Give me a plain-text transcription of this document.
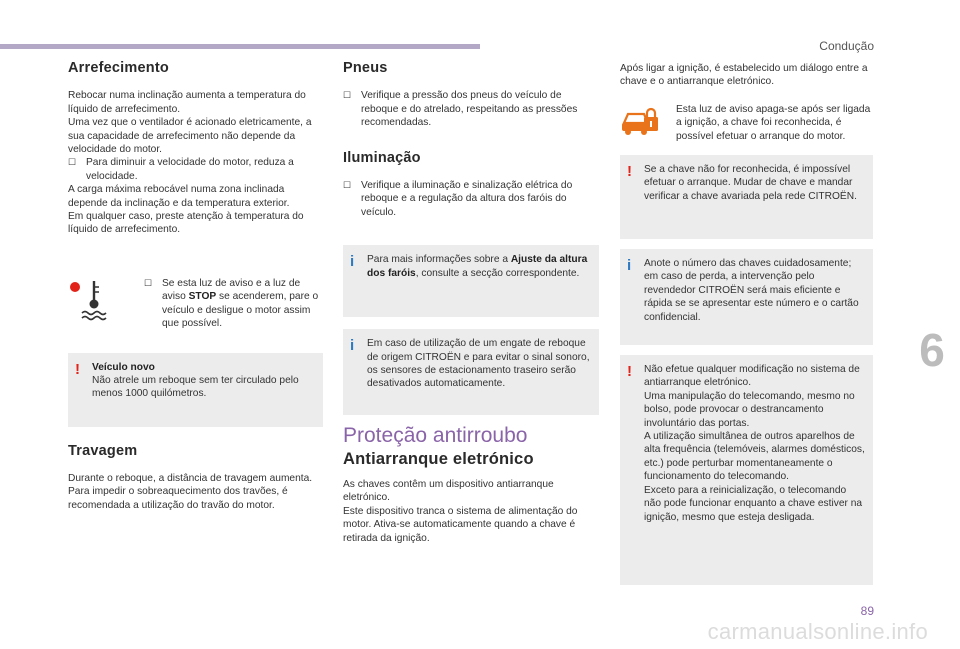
Condução
6
Arrefecimento

Rebocar numa inclinação aumenta a temperatura do líquido de arrefecimento.

Uma vez que o ventilador é acionado eletricamente, a sua capacidade de arrefecimento não depende da velocidade do motor.

☐ Para diminuir a velocidade do motor, reduza a velocidade.

A carga máxima rebocável numa zona inclinada depende da inclinação e da temperatura exterior.

Em qualquer caso, preste atenção à temperatura do líquido de arrefecimento.

☐ Se esta luz de aviso e a luz de aviso STOP se acenderem, pare o veículo e desligue o motor assim que possível.
! Veículo novo

Não atrele um reboque sem ter circulado pelo menos 1000 quilómetros.

Travagem

Durante o reboque, a distância de travagem aumenta.

Para impedir o sobreaquecimento dos travões, é recomendada a utilização do travão do motor.

Pneus
☐ Verifique a pressão dos pneus do veículo de reboque e do atrelado, respeitando as pressões recomendadas.
Iluminação
☐ Verifique a iluminação e sinalização elétrica do reboque e a regulação da altura dos faróis do veículo.
i Para mais informações sobre a Ajuste da altura dos faróis, consulte a secção correspondente.

i Em caso de utilização de um engate de reboque de origem CITROËN e para evitar o sinal sonoro, os sensores de estacionamento traseiro serão desativados automaticamente.

Proteção antirroubo
Antiarranque eletrónico

As chaves contêm um dispositivo antiarranque eletrónico.

Este dispositivo tranca o sistema de alimentação do motor. Ativa-se automaticamente quando a chave é retirada da ignição.

Após ligar a ignição, é estabelecido um diálogo entre a chave e o antiarranque eletrónico.

Esta luz de aviso apaga-se após ser ligada a ignição, a chave foi reconhecida, é possível efetuar o arranque do motor.

! Se a chave não for reconhecida, é impossível efetuar o arranque. Mudar de chave e mandar verificar a chave avariada pela rede CITROËN.

i Anote o número das chaves cuidadosamente; em caso de perda, a intervenção pelo revendedor CITROËN será mais eficiente e rápida se se apresentar este número e o cartão confidencial.

! Não efetue qualquer modificação no sistema de antiarranque eletrónico.

Uma manipulação do telecomando, mesmo no bolso, pode provocar o destrancamento involuntário das portas.

A utilização simultânea de outros aparelhos de alta frequência (telemóveis, alarmes domésticos, etc.) pode perturbar momentaneamente o funcionamento do telecomando.

Exceto para a reinicialização, o telecomando não pode funcionar enquanto a chave estiver na ignição, mesmo que esteja desligada.

89
carmanualsonline.info
